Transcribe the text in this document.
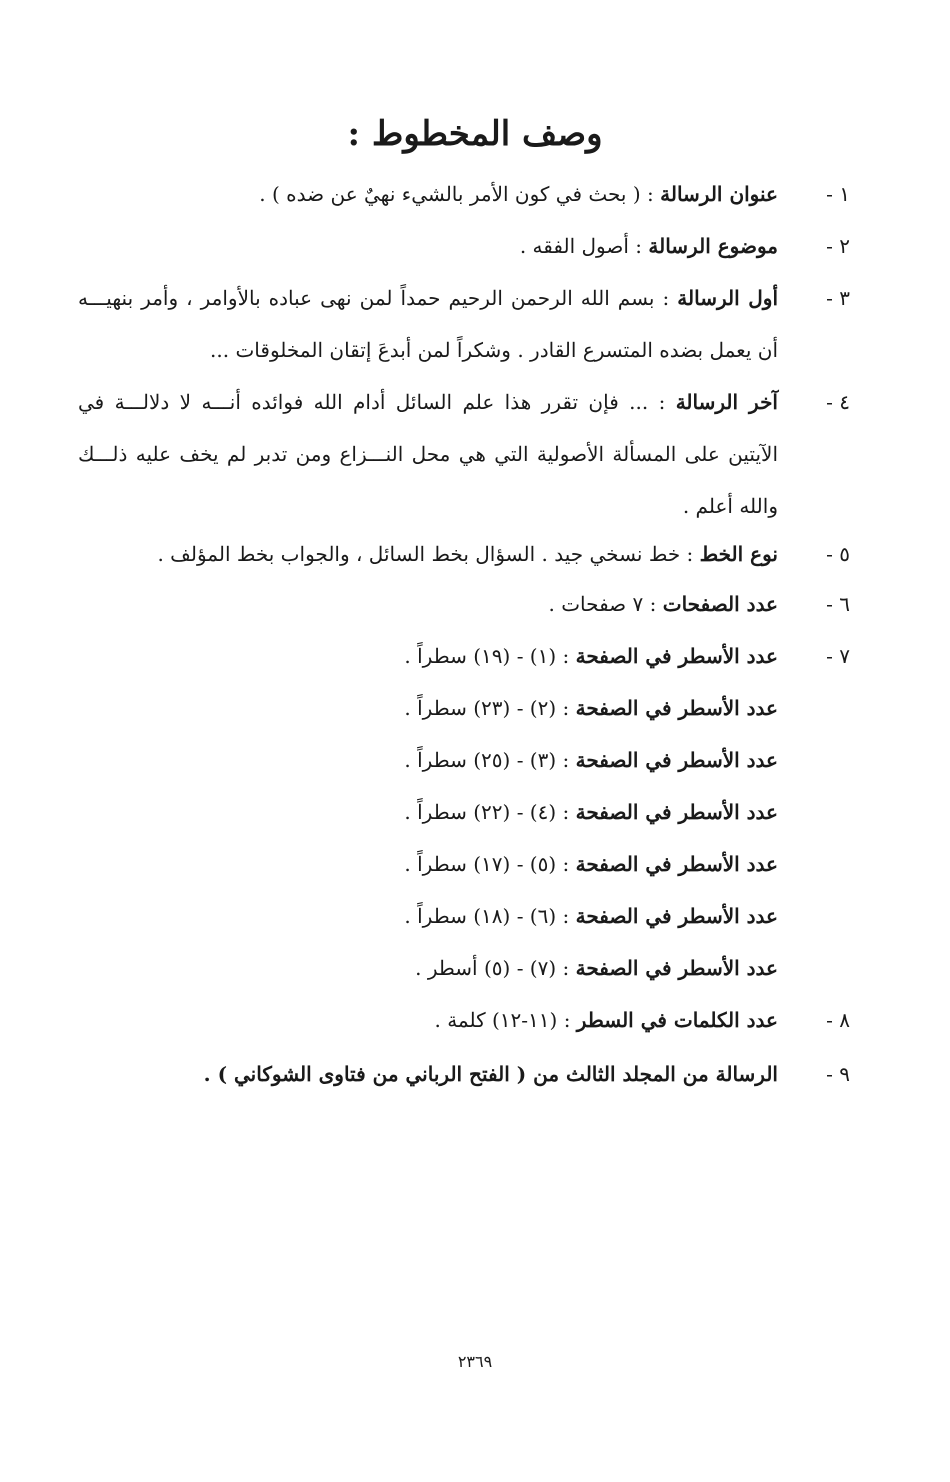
وصف المخطوط :
١ -
عنوان الرسالة : ( بحث في كون الأمر بالشيء نهيٌ عن ضده ) .
٢ -
موضوع الرسالة : أصول الفقه .
٣ -
أول الرسالة : بسم الله الرحمن الرحيم حمداً لمن نهى عباده بالأوامر ، وأمر بنهيـــه
أن يعمل بضده المتسرع القادر . وشكراً لمن أبدعَ إتقان المخلوقات ...
٤ -
آخر الرسالة : ... فإن تقرر هذا علم السائل أدام الله فوائده أنـــه لا دلالـــة في
الآيتين على المسألة الأصولية التي هي محل النـــزاع ومن تدبر لم يخف عليه ذلـــك
والله أعلم .
٥ -
نوع الخط : خط نسخي جيد . السؤال بخط السائل ، والجواب بخط المؤلف .
٦ -
عدد الصفحات : ٧ صفحات .
٧ -
عدد الأسطر في الصفحة : (١) - (١٩) سطراً .
عدد الأسطر في الصفحة : (٢) - (٢٣) سطراً .
عدد الأسطر في الصفحة : (٣) - (٢٥) سطراً .
عدد الأسطر في الصفحة : (٤) - (٢٢) سطراً .
عدد الأسطر في الصفحة : (٥) - (١٧) سطراً .
عدد الأسطر في الصفحة : (٦) - (١٨) سطراً .
عدد الأسطر في الصفحة : (٧) - (٥) أسطر .
٨ -
عدد الكلمات في السطر : (١١-١٢) كلمة .
٩ -
الرسالة من المجلد الثالث من ( الفتح الرباني من فتاوى الشوكاني ) .
٢٣٦٩
